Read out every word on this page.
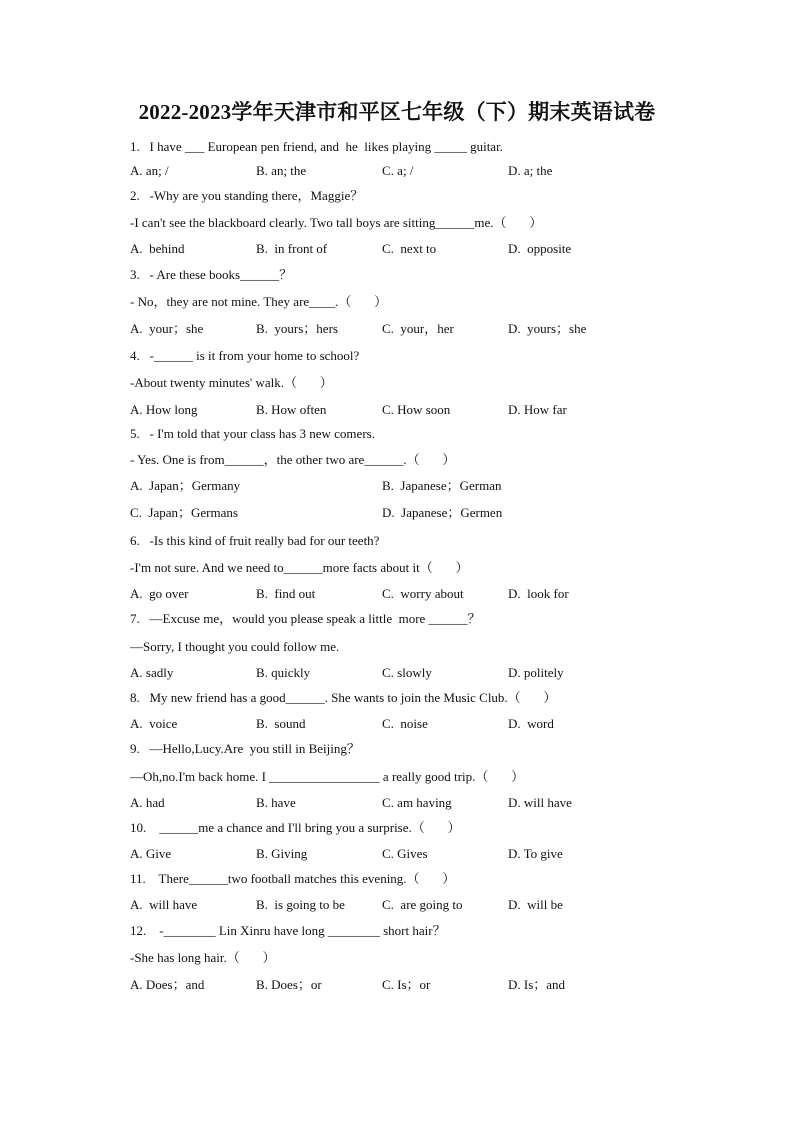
2022-2023学年天津市和平区七年级（下）期末英语试卷
1.   I have ___ European pen friend, and  he  likes playing _____ guitar.
A. an; /	B. an; the	C. a; /	D. a; the
2.   -Why are you standing there，Maggie？
-I can't see the blackboard clearly. Two tall boys are sitting______me.（       ）
A.  behind	B.  in front of	C.  next to	D.  opposite
3.   - Are these books______？
- No，they are not mine. They are____.（       ）
A.  your；she	B.  yours；hers	C.  your，her	D.  yours；she
4.   -______ is it from your home to school?
-About twenty minutes' walk.（       ）
A. How long	B. How often	C. How soon	D. How far
5.   - I'm told that your class has 3 new comers.
- Yes. One is from______，the other two are______.（       ）
A.  Japan；Germany	B.  Japanese；German
C.  Japan；Germans	D.  Japanese；Germen
6.   -Is this kind of fruit really bad for our teeth?
-I'm not sure. And we need to______more facts about it（       ）
A.  go over	B.  find out	C.  worry about	D.  look for
7.   —Excuse me，would you please speak a little  more ______？
—Sorry, I thought you could follow me.
A. sadly	B. quickly	C. slowly	D. politely
8.   My new friend has a good______. She wants to join the Music Club.（       ）
A.  voice	B.  sound	C.  noise	D.  word
9.   —Hello,Lucy.Are  you still in Beijing？
—Oh,no.I'm back home. I _________________ a really good trip.（       ）
A. had	B. have	C. am having	D. will have
10.    ______me a chance and I'll bring you a surprise.（       ）
A. Give	B. Giving	C. Gives	D. To give
11.    There______two football matches this evening.（       ）
A.  will have	B.  is going to be	C.  are going to	D.  will be
12.    -________ Lin Xinru have long ________ short hair？
-She has long hair.（       ）
A. Does；and	B. Does；or	C. Is；or	D. Is；and
